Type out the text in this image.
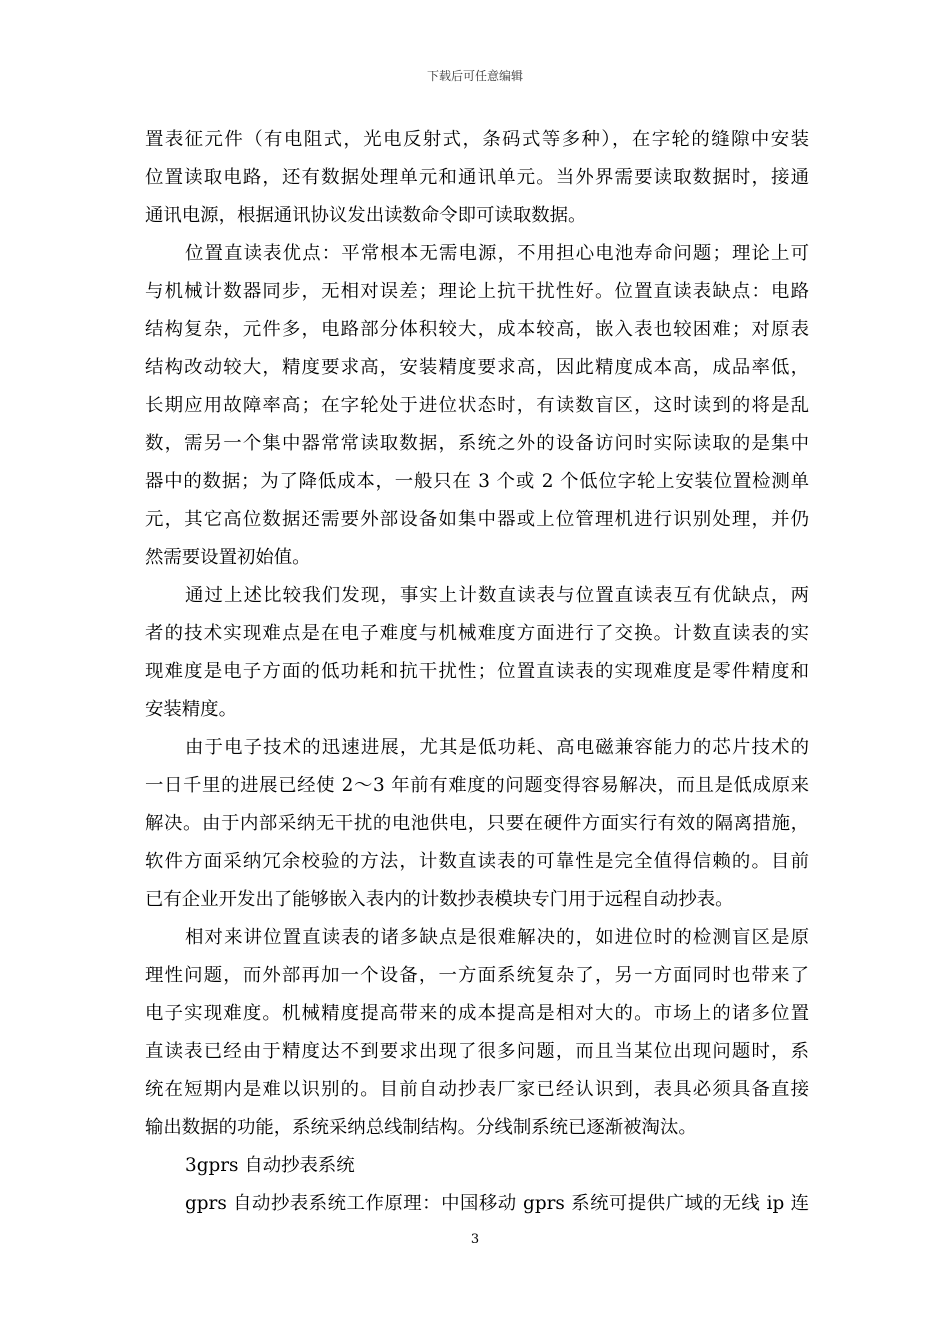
下载后可任意编辑
置表征元件（有电阻式，光电反射式，条码式等多种），在字轮的缝隙中安装
位置读取电路，还有数据处理单元和通讯单元。当外界需要读取数据时，接通
通讯电源，根据通讯协议发出读数命令即可读取数据。
位置直读表优点：平常根本无需电源，不用担心电池寿命问题；理论上可
与机械计数器同步，无相对误差；理论上抗干扰性好。位置直读表缺点：电路
结构复杂，元件多，电路部分体积较大，成本较高，嵌入表也较困难；对原表
结构改动较大，精度要求高，安装精度要求高，因此精度成本高，成品率低，
长期应用故障率高；在字轮处于进位状态时，有读数盲区，这时读到的将是乱
数，需另一个集中器常常读取数据，系统之外的设备访问时实际读取的是集中
器中的数据；为了降低成本，一般只在 3 个或 2 个低位字轮上安装位置检测单
元，其它高位数据还需要外部设备如集中器或上位管理机进行识别处理，并仍
然需要设置初始值。
通过上述比较我们发现，事实上计数直读表与位置直读表互有优缺点，两
者的技术实现难点是在电子难度与机械难度方面进行了交换。计数直读表的实
现难度是电子方面的低功耗和抗干扰性；位置直读表的实现难度是零件精度和
安装精度。
由于电子技术的迅速进展，尤其是低功耗、高电磁兼容能力的芯片技术的
一日千里的进展已经使 2～3 年前有难度的问题变得容易解决，而且是低成原来
解决。由于内部采纳无干扰的电池供电，只要在硬件方面实行有效的隔离措施，
软件方面采纳冗余校验的方法，计数直读表的可靠性是完全值得信赖的。目前
已有企业开发出了能够嵌入表内的计数抄表模块专门用于远程自动抄表。
相对来讲位置直读表的诸多缺点是很难解决的，如进位时的检测盲区是原
理性问题，而外部再加一个设备，一方面系统复杂了，另一方面同时也带来了
电子实现难度。机械精度提高带来的成本提高是相对大的。市场上的诸多位置
直读表已经由于精度达不到要求出现了很多问题，而且当某位出现问题时，系
统在短期内是难以识别的。目前自动抄表厂家已经认识到，表具必须具备直接
输出数据的功能，系统采纳总线制结构。分线制系统已逐渐被淘汰。
3gprs 自动抄表系统
gprs 自动抄表系统工作原理：中国移动 gprs 系统可提供广域的无线 ip 连
3
